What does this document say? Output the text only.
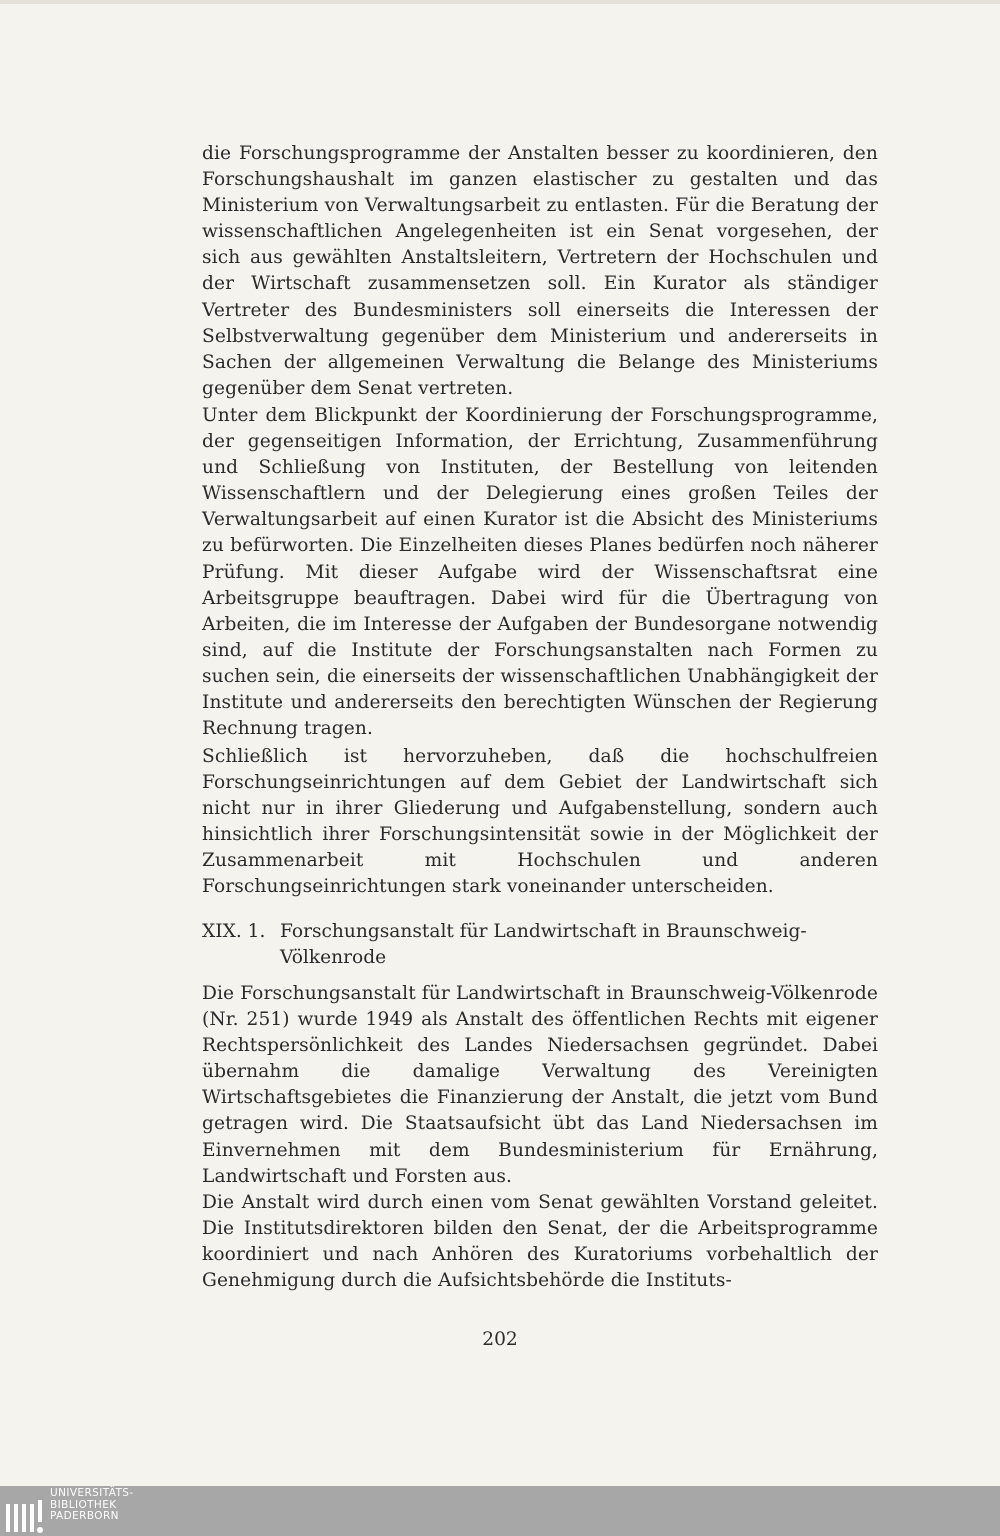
die Forschungsprogramme der Anstalten besser zu koordinieren, den Forschungshaushalt im ganzen elastischer zu gestalten und das Ministerium von Verwaltungsarbeit zu entlasten. Für die Beratung der wissenschaftlichen Angelegenheiten ist ein Senat vorgesehen, der sich aus gewählten Anstaltsleitern, Vertretern der Hochschulen und der Wirtschaft zusammensetzen soll. Ein Kurator als ständiger Vertreter des Bundesministers soll einerseits die Interessen der Selbstverwaltung gegenüber dem Ministerium und andererseits in Sachen der allgemeinen Verwaltung die Belange des Ministeriums gegenüber dem Senat vertreten.

Unter dem Blickpunkt der Koordinierung der Forschungsprogramme, der gegenseitigen Information, der Errichtung, Zusammenführung und Schließung von Instituten, der Bestellung von leitenden Wissenschaftlern und der Delegierung eines großen Teiles der Verwaltungsarbeit auf einen Kurator ist die Absicht des Ministeriums zu befürworten. Die Einzelheiten dieses Planes bedürfen noch näherer Prüfung. Mit dieser Aufgabe wird der Wissenschaftsrat eine Arbeitsgruppe beauftragen. Dabei wird für die Übertragung von Arbeiten, die im Interesse der Aufgaben der Bundesorgane notwendig sind, auf die Institute der Forschungsanstalten nach Formen zu suchen sein, die einerseits der wissenschaftlichen Unabhängigkeit der Institute und andererseits den berechtigten Wünschen der Regierung Rechnung tragen.

Schließlich ist hervorzuheben, daß die hochschulfreien Forschungseinrichtungen auf dem Gebiet der Landwirtschaft sich nicht nur in ihrer Gliederung und Aufgabenstellung, sondern auch hinsichtlich ihrer Forschungsintensität sowie in der Möglichkeit der Zusammenarbeit mit Hochschulen und anderen Forschungseinrichtungen stark voneinander unterscheiden.

XIX. 1. Forschungsanstalt für Landwirtschaft in Braunschweig-
Völkenrode

Die Forschungsanstalt für Landwirtschaft in Braunschweig-Völkenrode (Nr. 251) wurde 1949 als Anstalt des öffentlichen Rechts mit eigener Rechtspersönlichkeit des Landes Niedersachsen gegründet. Dabei übernahm die damalige Verwaltung des Vereinigten Wirtschaftsgebietes die Finanzierung der Anstalt, die jetzt vom Bund getragen wird. Die Staatsaufsicht übt das Land Niedersachsen im Einvernehmen mit dem Bundesministerium für Ernährung, Landwirtschaft und Forsten aus.

Die Anstalt wird durch einen vom Senat gewählten Vorstand geleitet. Die Institutsdirektoren bilden den Senat, der die Arbeitsprogramme koordiniert und nach Anhören des Kuratoriums vorbehaltlich der Genehmigung durch die Aufsichtsbehörde die Instituts-

202
UNIVERSITÄTS-
BIBLIOTHEK
PADERBORN
